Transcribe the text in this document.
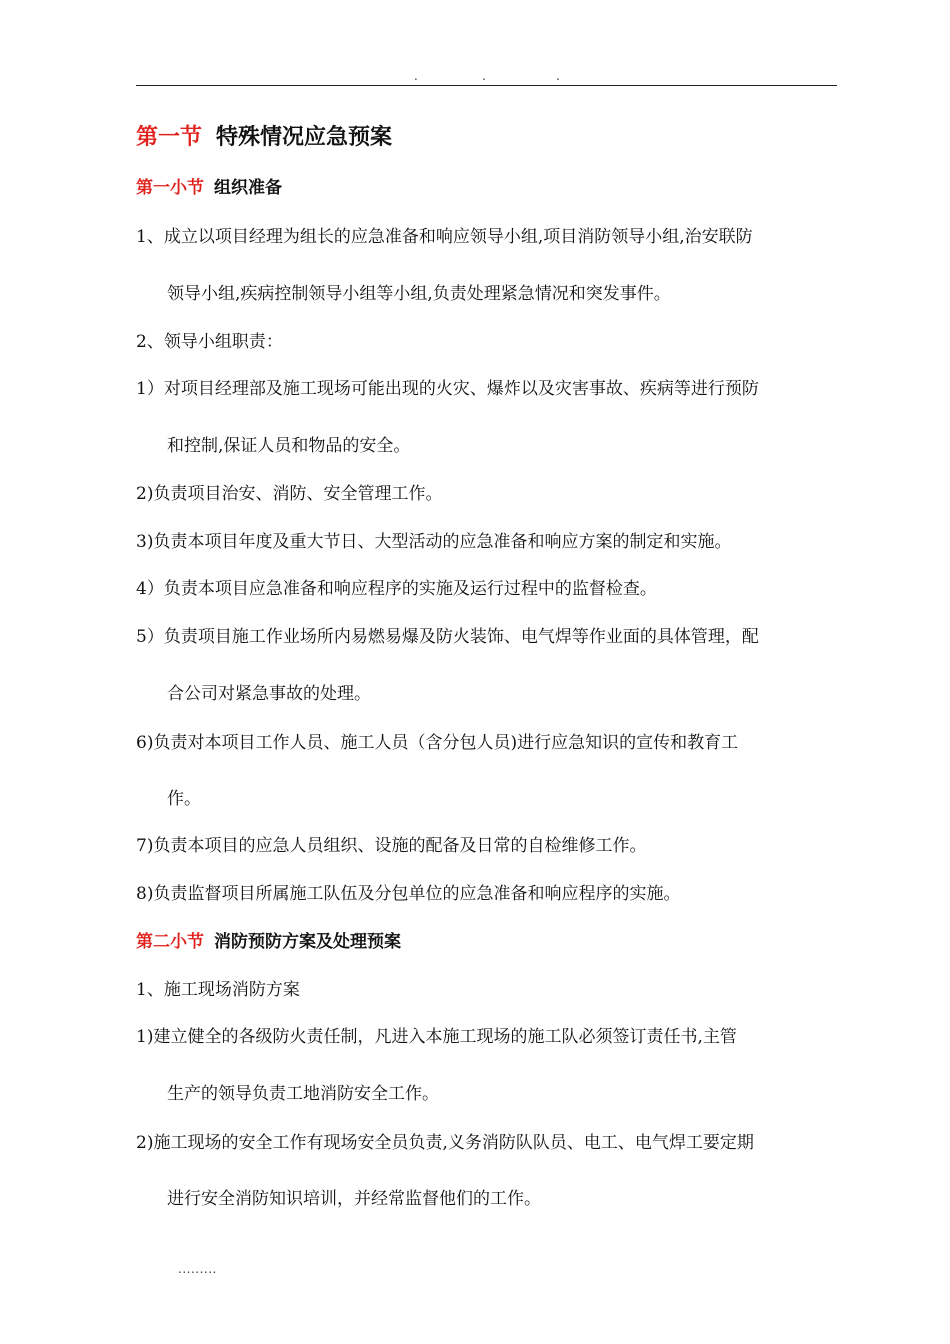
.	.	.
第一节 特殊情况应急预案
第一小节 组织准备
1、成立以项目经理为组长的应急准备和响应领导小组,项目消防领导小组,治安联防
领导小组,疾病控制领导小组等小组,负责处理紧急情况和突发事件。
2、领导小组职责：
1）对项目经理部及施工现场可能出现的火灾、爆炸以及灾害事故、疾病等进行预防
和控制,保证人员和物品的安全。
2)负责项目治安、消防、安全管理工作。
3)负责本项目年度及重大节日、大型活动的应急准备和响应方案的制定和实施。
4）负责本项目应急准备和响应程序的实施及运行过程中的监督检查。
5）负责项目施工作业场所内易燃易爆及防火装饰、电气焊等作业面的具体管理，配
合公司对紧急事故的处理。
6)负责对本项目工作人员、施工人员（含分包人员)进行应急知识的宣传和教育工
作。
7)负责本项目的应急人员组织、设施的配备及日常的自检维修工作。
8)负责监督项目所属施工队伍及分包单位的应急准备和响应程序的实施。
第二小节 消防预防方案及处理预案
1、施工现场消防方案
1)建立健全的各级防火责任制，凡进入本施工现场的施工队必须签订责任书,主管
生产的领导负责工地消防安全工作。
2)施工现场的安全工作有现场安全员负责,义务消防队队员、电工、电气焊工要定期
进行安全消防知识培训，并经常监督他们的工作。
.........
